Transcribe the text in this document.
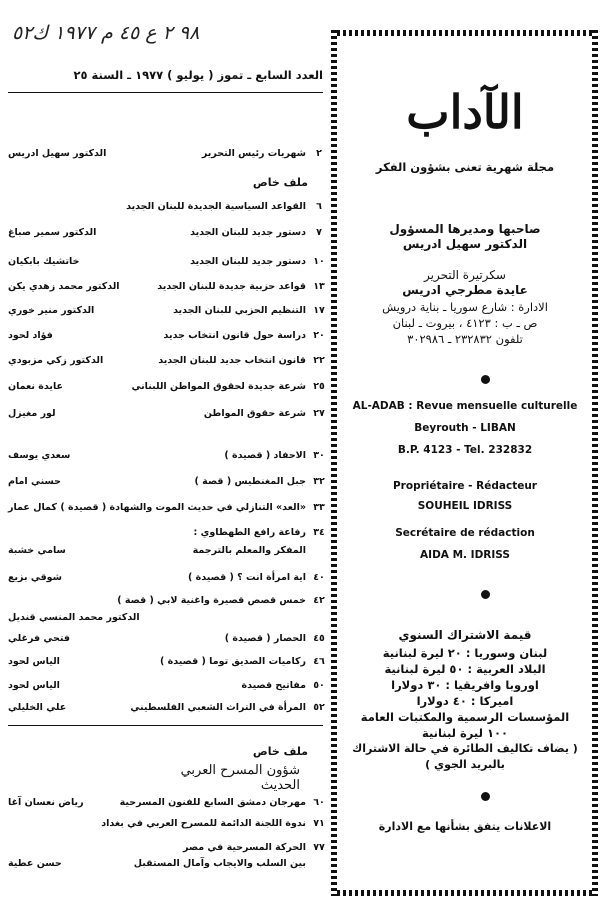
٩٨ ٢ ع ٤٥ م ١٩٧٧ ك٥٢
العدد السابع ـ تموز ( يوليو ) ١٩٧٧ ـ السنة ٢٥
٢
شهريات رئيس التحرير
الدكتور سهيل ادريس
ملف خاص
٦
القواعد السياسية الجديدة للبنان الجديد
٧
دستور جديد للبنان الجديد
الدكتور سمير صباغ
١٠
دستور جديد للبنان الجديد
خاتشيك بابكيان
١٣
قواعد حزبية جديدة للبنان الجديد
الدكتور محمد زهدي يكن
١٧
التنظيم الحزبي للبنان الجديد
الدكتور منير خوري
٢٠
دراسة حول قانون انتخاب جديد
فؤاد لحود
٢٢
قانون انتخاب جديد للبنان الجديد
الدكتور زكي مزبودي
٢٥
شرعة جديدة لحقوق المواطن اللبناني
عايدة نعمان
٢٧
شرعة حقوق المواطن
لور مغيزل
٣٠
الاحفاد ( قصيدة )
سعدي يوسف
٣٢
جبل المغنطيس ( قصة )
حسني امام
٣٣
«العد» التنازلي في حديث الموت والشهادة ( قصيدة )
كمال عمار
٣٤
رفاعة رافع الطهطاوي :
المفكر والمعلم بالترجمة
سامي خشبة
٤٠
اية امرأة انت ؟ ( قصيدة )
شوقي بزيع
٤٢
خمس قصص قصيرة واغنية لابي ( قصة )
الدكتور محمد المنسي قنديل
٤٥
الحصار ( قصيدة )
فتحي فرغلي
٤٦
ركاميات الصديق توما ( قصيدة )
الياس لحود
٥٠
مفاتيح قصيدة
الياس لحود
٥٢
المرأة في التراث الشعبي الفلسطيني
علي الخليلي
ملف خاص
شؤون المسرح العربي الحديث
٦٠
مهرجان دمشق السابع للفنون المسرحية
رياض نعسان آغا
٧١
ندوة اللجنة الدائمة للمسرح العربي في بغداد
٧٧
الحركة المسرحية في مصر
بين السلب والايجاب وآمال المستقبل
حسن عطية
الآداب
مجلة شهرية تعنى بشؤون الفكر
صاحبها ومديرها المسؤول
الدكتور سهيل ادريس
سكرتيرة التحرير
عايدة مطرجي ادريس
الادارة : شارع سوريا ـ بناية درويش
ص ـ ب : ٤١٢٣ ، بيروت ـ لبنان
تلفون ٢٣٢٨٣٢ ـ ٣٠٢٩٨٦
AL-ADAB : Revue mensuelle culturelle
Beyrouth - LIBAN
B.P. 4123 - Tel. 232832
Propriétaire - Rédacteur
SOUHEIL IDRISS
Secrétaire de rédaction
AIDA M. IDRISS
قيمة الاشتراك السنوي
لبنان وسوريا : ٢٠ ليرة لبنانية
البلاد العربية : ٥٠ ليرة لبنانية
اوروبا وافريقيا : ٣٠ دولارا
اميركا : ٤٠ دولارا
المؤسسات الرسمية والمكتبات العامة
١٠٠ ليرة لبنانية
( يضاف تكاليف الطائرة في حالة الاشتراك
بالبريد الجوي )
الاعلانات يتفق بشأنها مع الادارة
